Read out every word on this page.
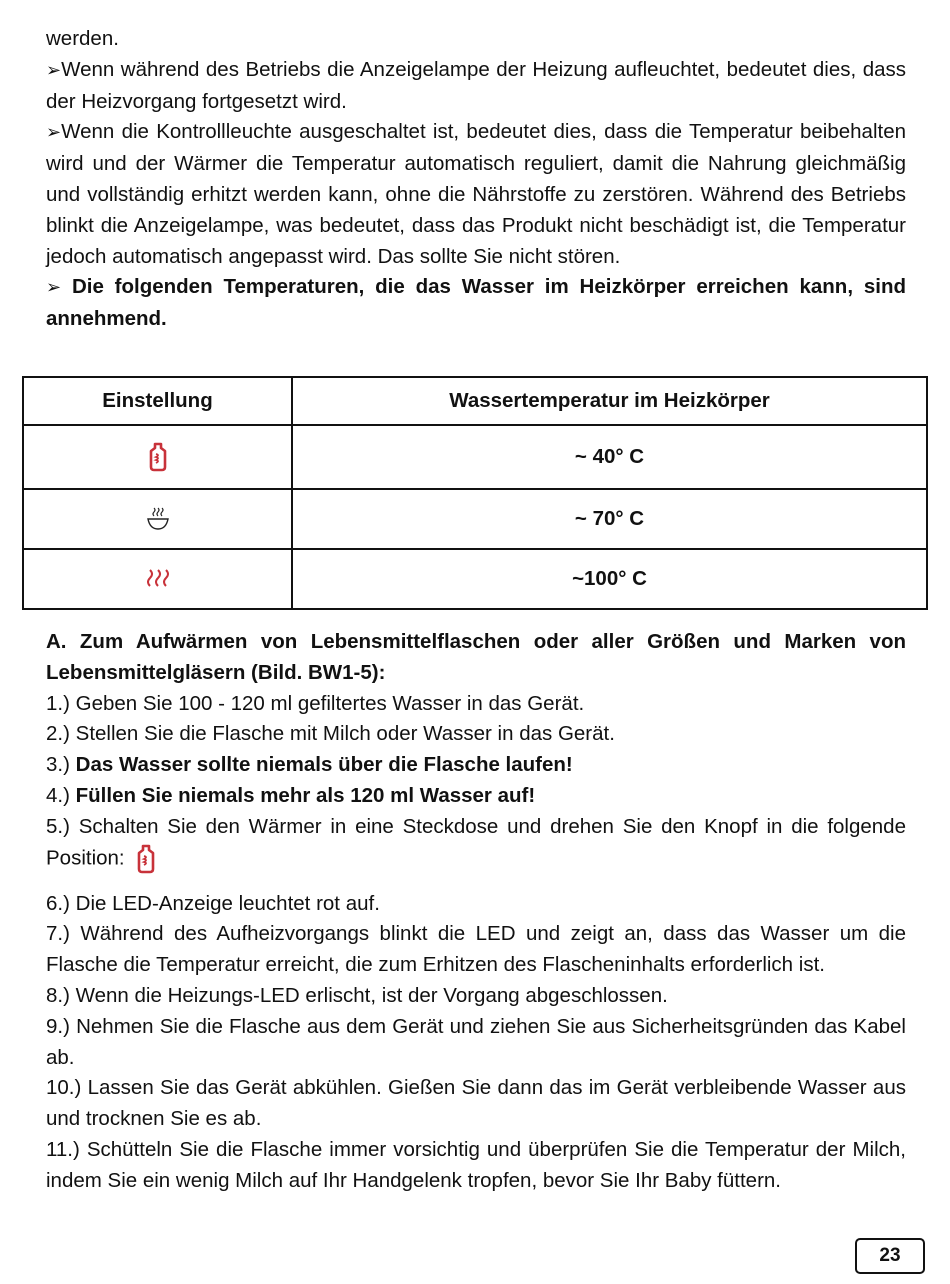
werden.

➢Wenn während des Betriebs die Anzeigelampe der Heizung aufleuchtet, bedeutet dies, dass der Heizvorgang fortgesetzt wird.

➢Wenn die Kontrollleuchte ausgeschaltet ist, bedeutet dies, dass die Temperatur beibehalten wird und der Wärmer die Temperatur automatisch reguliert, damit die Nahrung gleichmäßig und vollständig erhitzt werden kann, ohne die Nährstoffe zu zerstören. Während des Betriebs blinkt die Anzeigelampe, was bedeutet, dass das Produkt nicht beschädigt ist, die Temperatur jedoch automatisch angepasst wird. Das sollte Sie nicht stören.

➢ Die folgenden Temperaturen, die das Wasser im Heizkörper erreichen kann, sind annehmend.

Einstellung	Wassertemperatur im Heizkörper

	~ 40° C

	~ 70° C

	~100° C

A. Zum Aufwärmen von Lebensmittelflaschen oder aller Größen und Marken von Lebensmittelgläsern (Bild. BW1-5):

1.) Geben Sie 100 - 120 ml gefiltertes Wasser in das Gerät.

2.) Stellen Sie die Flasche mit Milch oder Wasser in das Gerät.

3.) Das Wasser sollte niemals über die Flasche laufen!

4.) Füllen Sie niemals mehr als 120 ml Wasser auf!

5.) Schalten Sie den Wärmer in eine Steckdose und drehen Sie den Knopf in die folgende Position:

6.) Die LED-Anzeige leuchtet rot auf.

7.) Während des Aufheizvorgangs blinkt die LED und zeigt an, dass das Wasser um die Flasche die Temperatur erreicht, die zum Erhitzen des Flascheninhalts erforderlich ist.

8.) Wenn die Heizungs-LED erlischt, ist der Vorgang abgeschlossen.

9.) Nehmen Sie die Flasche aus dem Gerät und ziehen Sie aus Sicherheitsgründen das Kabel ab.

10.) Lassen Sie das Gerät abkühlen. Gießen Sie dann das im Gerät verbleibende Wasser aus und trocknen Sie es ab.

11.) Schütteln Sie die Flasche immer vorsichtig und überprüfen Sie die Temperatur der Milch, indem Sie ein wenig Milch auf Ihr Handgelenk tropfen, bevor Sie Ihr Baby füttern.

23
